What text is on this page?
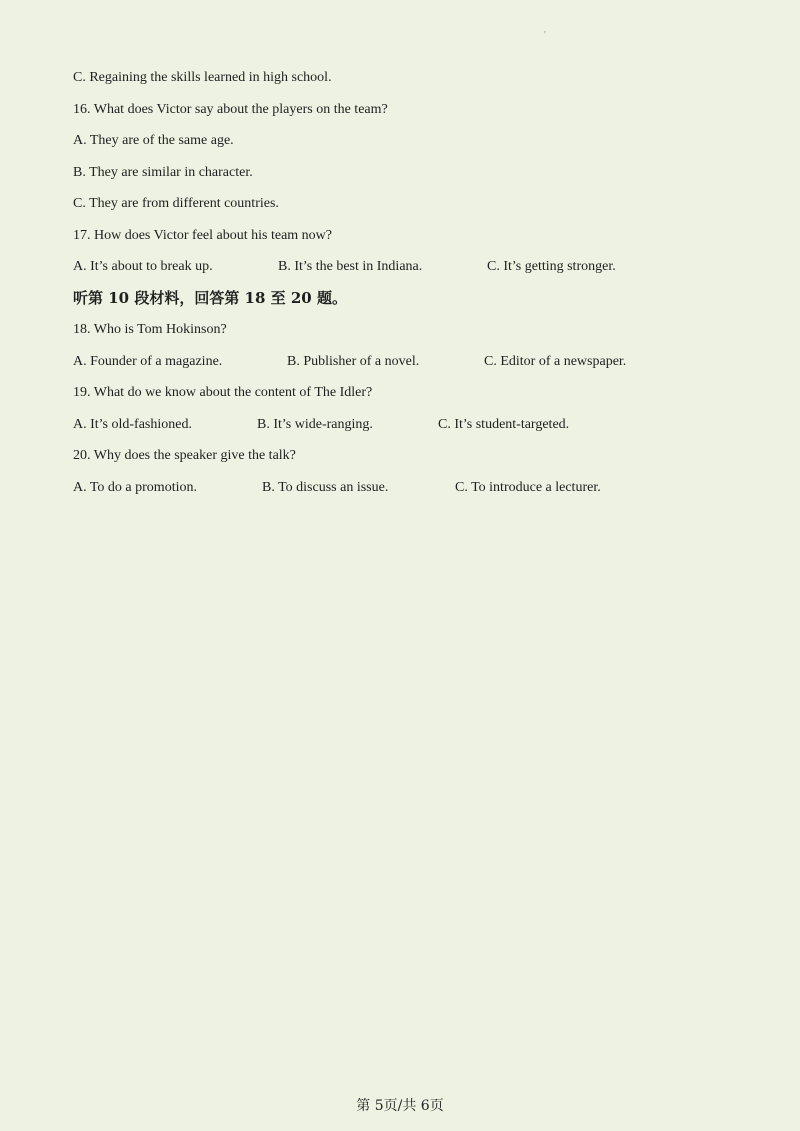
'
C. Regaining the skills learned in high school.
16. What does Victor say about the players on the team?
A. They are of the same age.
B. They are similar in character.
C. They are from different countries.
17. How does Victor feel about his team now?
A. It’s about to break up.	B. It’s the best in Indiana.	C. It’s getting stronger.
听第 10 段材料，回答第 18 至 20 题。
18. Who is Tom Hokinson?
A. Founder of a magazine.	B. Publisher of a novel.	C. Editor of a newspaper.
19. What do we know about the content of The Idler?
A. It’s old-fashioned.	B. It’s wide-ranging.	C. It’s student-targeted.
20. Why does the speaker give the talk?
A. To do a promotion.	B. To discuss an issue.	C. To introduce a lecturer.
第 5页/共 6页
